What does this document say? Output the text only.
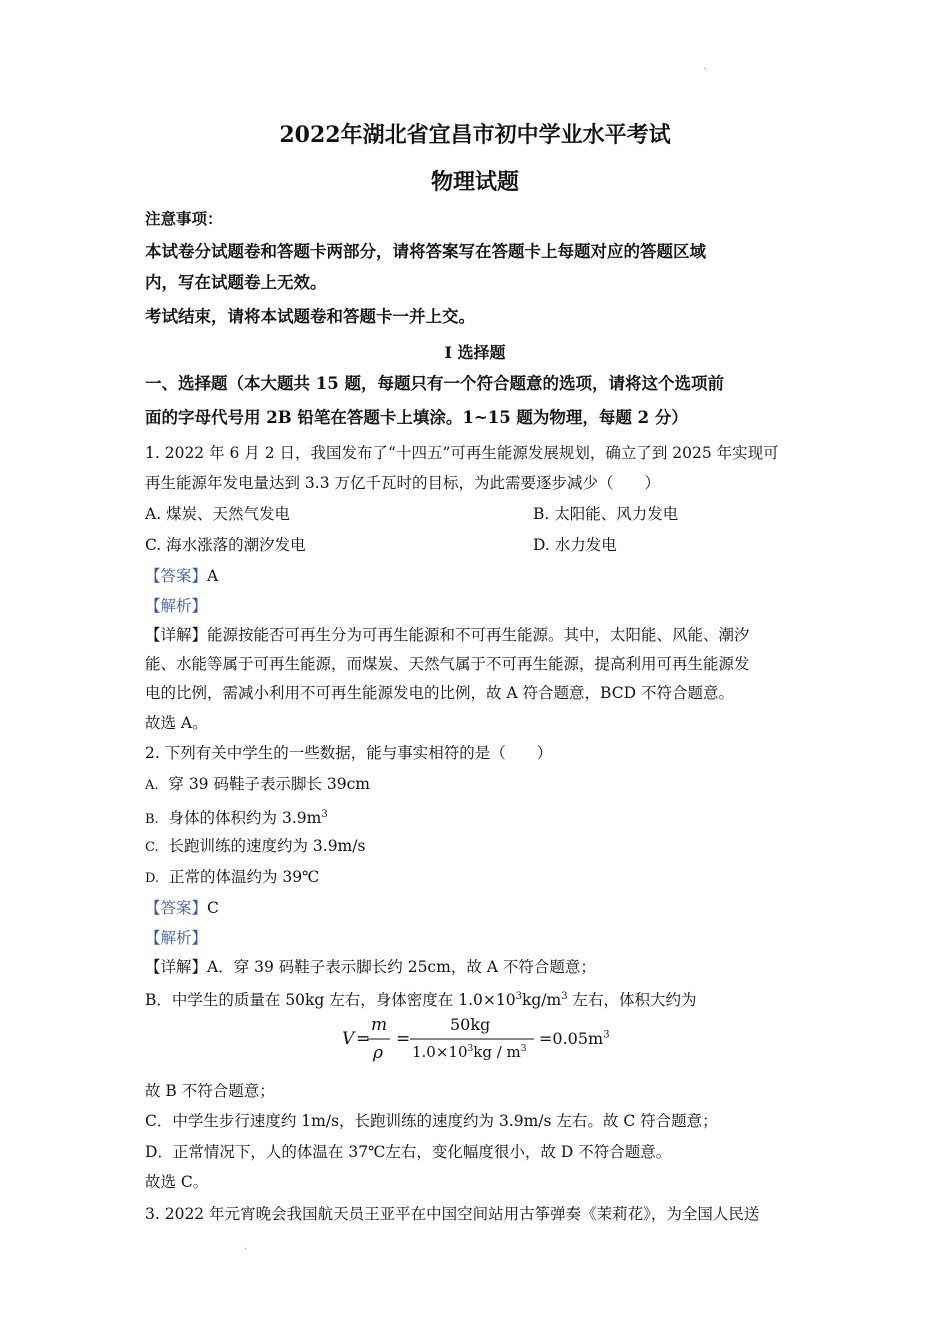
·
·
2022年湖北省宜昌市初中学业水平考试
物理试题
注意事项：
本试卷分试题卷和答题卡两部分，请将答案写在答题卡上每题对应的答题区域
内，写在试题卷上无效。
考试结束，请将本试题卷和答题卡一并上交。
I 选择题
一、选择题（本大题共 15 题，每题只有一个符合题意的选项，请将这个选项前
面的字母代号用 2B 铅笔在答题卡上填涂。1~15 题为物理，每题 2 分）
1. 2022 年 6 月 2 日，我国发布了“十四五”可再生能源发展规划，确立了到 2025 年实现可
再生能源年发电量达到 3.3 万亿千瓦时的目标，为此需要逐步减少（　　）
A. 煤炭、天然气发电	B. 太阳能、风力发电
C. 海水涨落的潮汐发电	D. 水力发电
【答案】A
【解析】
【详解】能源按能否可再生分为可再生能源和不可再生能源。其中，太阳能、风能、潮汐
能、水能等属于可再生能源，而煤炭、天然气属于不可再生能源，提高利用可再生能源发
电的比例，需减小利用不可再生能源发电的比例，故 A 符合题意，BCD 不符合题意。
故选 A。
2. 下列有关中学生的一些数据，能与事实相符的是（　　）
A. 穿 39 码鞋子表示脚长 39cm
B. 身体的体积约为 $3.9m^3$
C. 长跑训练的速度约为 3.9m/s
D. 正常的体温约为 39℃
【答案】C
【解析】
【详解】A．穿 39 码鞋子表示脚长约 25cm，故 A 不符合题意；
B．中学生的质量在 50kg 左右，身体密度在 $1.0\times 10^3kg/m^3$ 左右，体积大约为
V =
m
ρ
=
50kg
$1.0\times 10^3kg / m^3$
$=0.05m^3$
故 B 不符合题意；
C．中学生步行速度约 1m/s，长跑训练的速度约为 3.9m/s 左右。故 C 符合题意；
D．正常情况下，人的体温在 37℃左右，变化幅度很小，故 D 不符合题意。
故选 C。
3. 2022 年元宵晚会我国航天员王亚平在中国空间站用古筝弹奏《茉莉花》，为全国人民送
